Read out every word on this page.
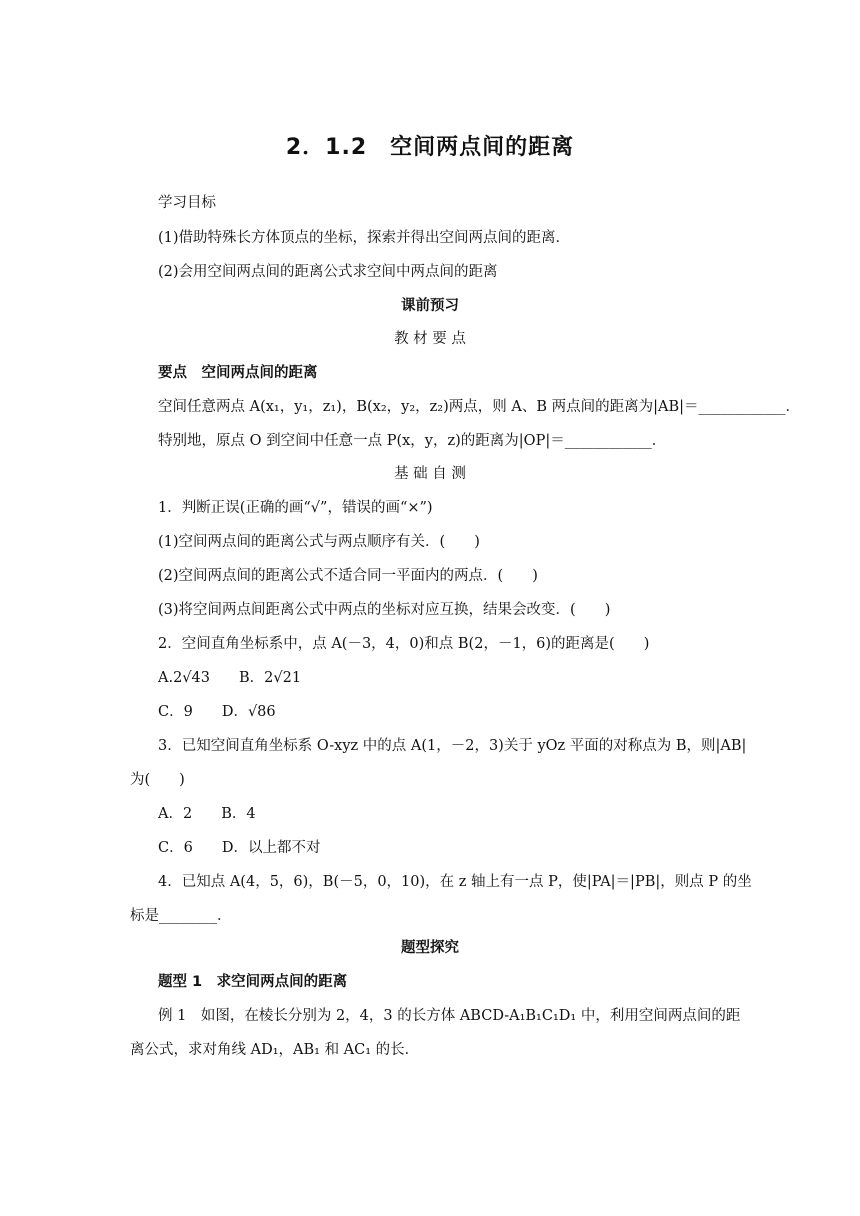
2．1.2　空间两点间的距离
学习目标
(1)借助特殊长方体顶点的坐标，探索并得出空间两点间的距离．
(2)会用空间两点间的距离公式求空间中两点间的距离
课前预习
教 材 要 点
要点　空间两点间的距离
空间任意两点 A(x₁，y₁，z₁)，B(x₂，y₂，z₂)两点，则 A、B 两点间的距离为|AB|＝____________．
特别地，原点 O 到空间中任意一点 P(x，y，z)的距离为|OP|＝____________．
基 础 自 测
1．判断正误(正确的画“√”，错误的画“×”)
(1)空间两点间的距离公式与两点顺序有关．(　　)
(2)空间两点间的距离公式不适合同一平面内的两点．(　　)
(3)将空间两点间距离公式中两点的坐标对应互换，结果会改变．(　　)
2．空间直角坐标系中，点 A(－3，4，0)和点 B(2，－1，6)的距离是(　　)
A.2√43　　B．2√21
C．9　　D．√86
3．已知空间直角坐标系 O-xyz 中的点 A(1，－2，3)关于 yOz 平面的对称点为 B，则|AB|
为(　　)
A．2　　B．4
C．6　　D．以上都不对
4．已知点 A(4，5，6)，B(－5，0，10)，在 z 轴上有一点 P，使|PA|＝|PB|，则点 P 的坐
标是________．
题型探究
题型 1　求空间两点间的距离
例 1　如图，在棱长分别为 2，4，3 的长方体 ABCD-A₁B₁C₁D₁ 中，利用空间两点间的距
离公式，求对角线 AD₁，AB₁ 和 AC₁ 的长．
